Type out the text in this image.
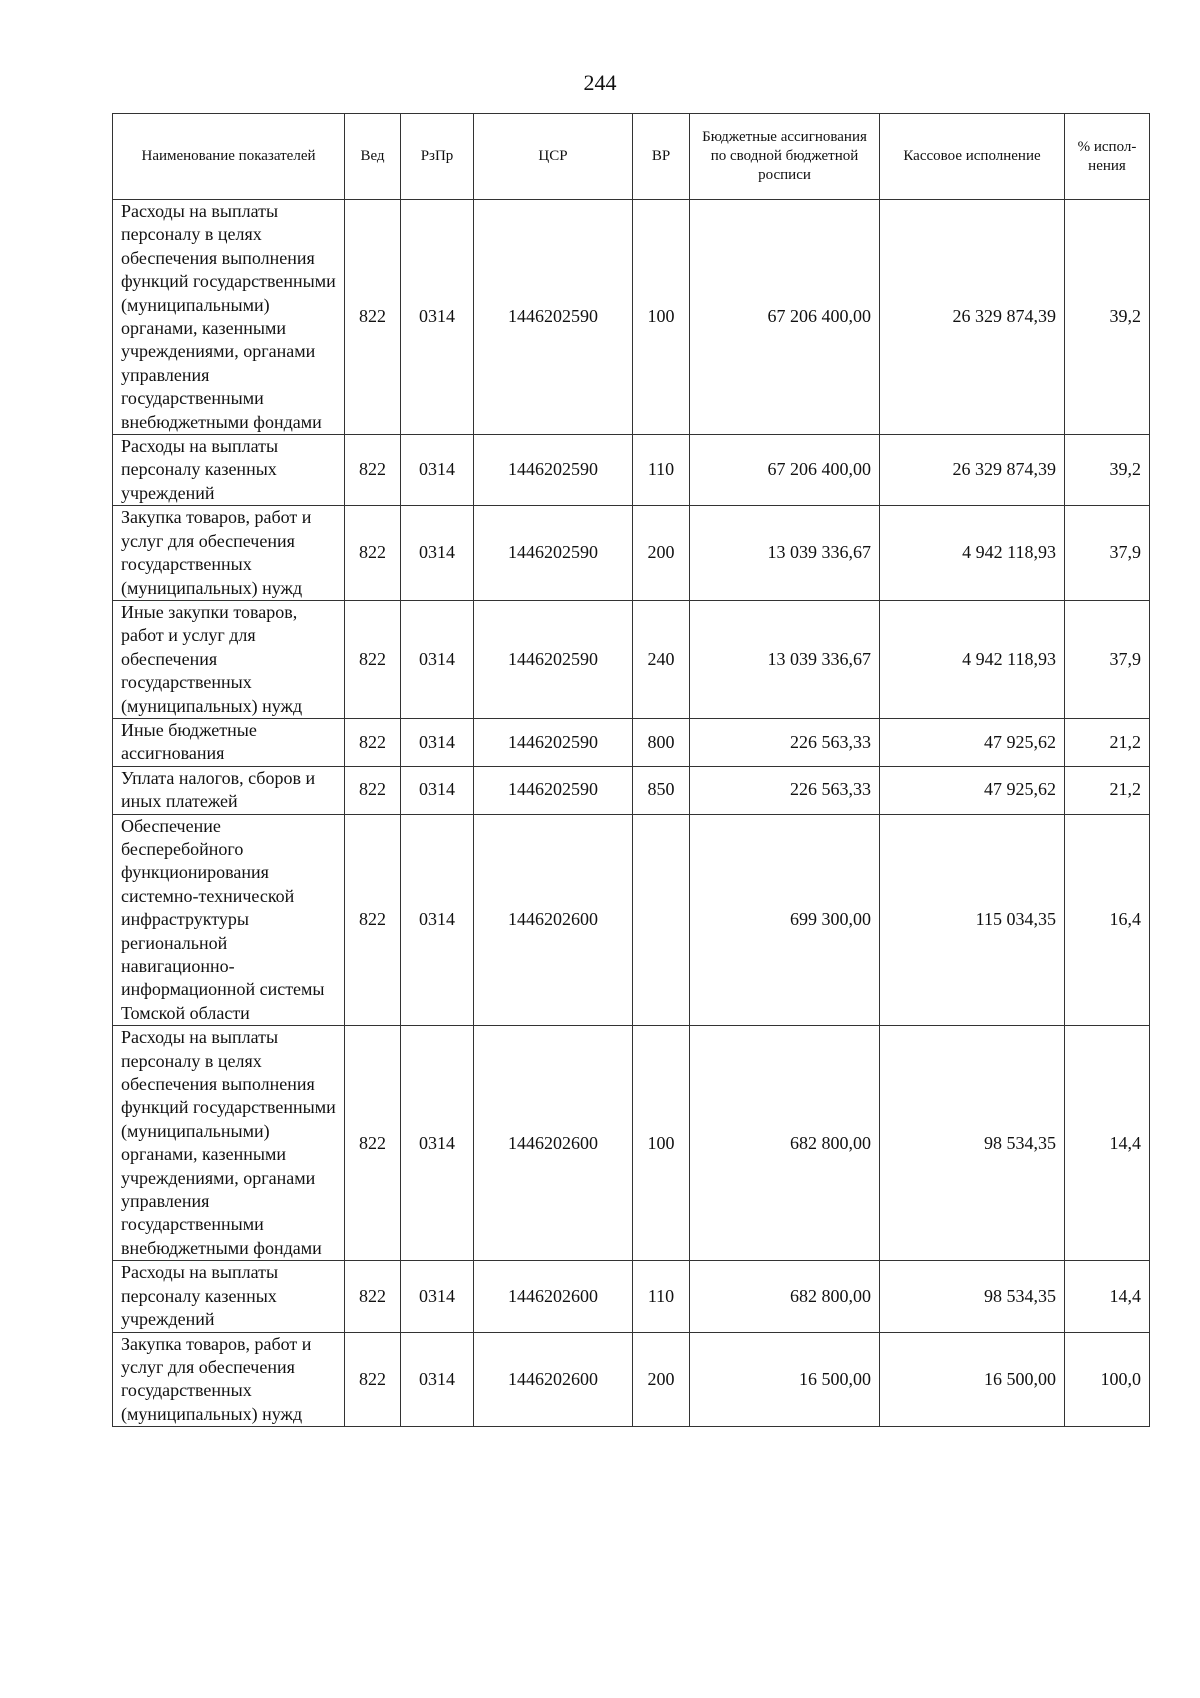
244
Наименование показателей	Вед	РзПр	ЦСР	ВР	Бюджетные ассигнования по сводной бюджетной росписи	Кассовое исполнение	% испол-нения
Расходы на выплаты персоналу в целях обеспечения выполнения функций государственными (муниципальными) органами, казенными учреждениями, органами управления государственными внебюджетными фондами	822	0314	1446202590	100	67 206 400,00	26 329 874,39	39,2
Расходы на выплаты персоналу казенных учреждений	822	0314	1446202590	110	67 206 400,00	26 329 874,39	39,2
Закупка товаров, работ и услуг для обеспечения государственных (муниципальных) нужд	822	0314	1446202590	200	13 039 336,67	4 942 118,93	37,9
Иные закупки товаров, работ и услуг для обеспечения государственных (муниципальных) нужд	822	0314	1446202590	240	13 039 336,67	4 942 118,93	37,9
Иные бюджетные ассигнования	822	0314	1446202590	800	226 563,33	47 925,62	21,2
Уплата налогов, сборов и иных платежей	822	0314	1446202590	850	226 563,33	47 925,62	21,2
Обеспечение бесперебойного функционирования системно-технической инфраструктуры региональной навигационно-информационной системы Томской области	822	0314	1446202600		699 300,00	115 034,35	16,4
Расходы на выплаты персоналу в целях обеспечения выполнения функций государственными (муниципальными) органами, казенными учреждениями, органами управления государственными внебюджетными фондами	822	0314	1446202600	100	682 800,00	98 534,35	14,4
Расходы на выплаты персоналу казенных учреждений	822	0314	1446202600	110	682 800,00	98 534,35	14,4
Закупка товаров, работ и услуг для обеспечения государственных (муниципальных) нужд	822	0314	1446202600	200	16 500,00	16 500,00	100,0
